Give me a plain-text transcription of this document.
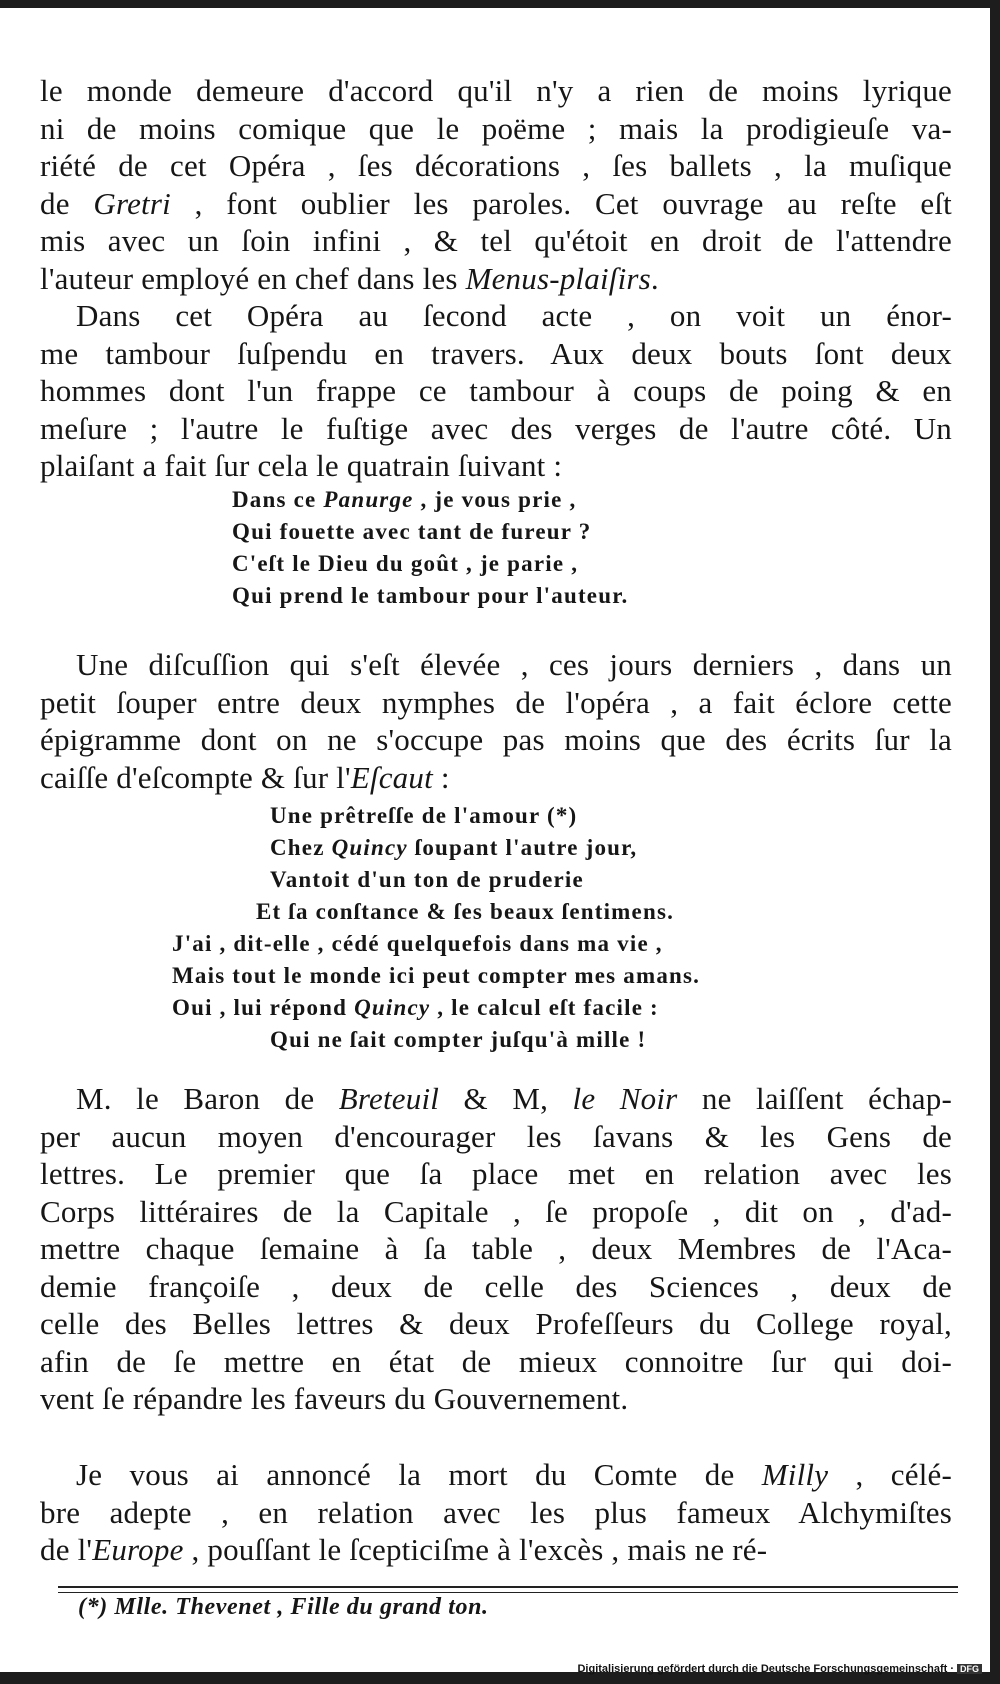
le monde demeure d'accord qu'il n'y a rien de moins lyrique
ni de moins comique que le poëme ; mais la prodigieuſe va-
riété de cet Opéra , ſes décorations , ſes ballets , la muſique
de Gretri , font oublier les paroles. Cet ouvrage au reſte eſt
mis avec un ſoin infini , & tel qu'étoit en droit de l'attendre
l'auteur employé en chef dans les Menus-plaiſirs.
Dans cet Opéra au ſecond acte , on voit un énor-
me tambour ſuſpendu en travers. Aux deux bouts ſont deux
hommes dont l'un frappe ce tambour à coups de poing & en
meſure ; l'autre le fuſtige avec des verges de l'autre côté. Un
plaiſant a fait ſur cela le quatrain ſuivant :
Dans ce Panurge , je vous prie ,
Qui fouette avec tant de fureur ?
C'eſt le Dieu du goût , je parie ,
Qui prend le tambour pour l'auteur.
Une diſcuſſion qui s'eſt élevée , ces jours derniers , dans un
petit ſouper entre deux nymphes de l'opéra , a fait éclore cette
épigramme dont on ne s'occupe pas moins que des écrits ſur la
caiſſe d'eſcompte & ſur l'Eſcaut :
Une prêtreſſe de l'amour (*)
Chez Quincy ſoupant l'autre jour,
Vantoit d'un ton de pruderie
Et ſa conſtance & ſes beaux ſentimens.
J'ai , dit-elle , cédé quelquefois dans ma vie ,
Mais tout le monde ici peut compter mes amans.
Oui , lui répond Quincy , le calcul eſt facile :
Qui ne ſait compter juſqu'à mille !
M. le Baron de Breteuil & M, le Noir ne laiſſent échap-
per aucun moyen d'encourager les ſavans & les Gens de
lettres. Le premier que ſa place met en relation avec les
Corps littéraires de la Capitale , ſe propoſe , dit on , d'ad-
mettre chaque ſemaine à ſa table , deux Membres de l'Aca-
demie françoiſe , deux de celle des Sciences , deux de
celle des Belles lettres & deux Profeſſeurs du College royal,
afin de ſe mettre en état de mieux connoitre ſur qui doi-
vent ſe répandre les faveurs du Gouvernement.
Je vous ai annoncé la mort du Comte de Milly , célé-
bre adepte , en relation avec les plus fameux Alchymiſtes
de l'Europe , pouſſant le ſcepticiſme à l'excès , mais ne ré-
(*) Mlle. Thevenet , Fille du grand ton.
Digitalisierung gefördert durch die Deutsche Forschungsgemeinschaft · DFG
